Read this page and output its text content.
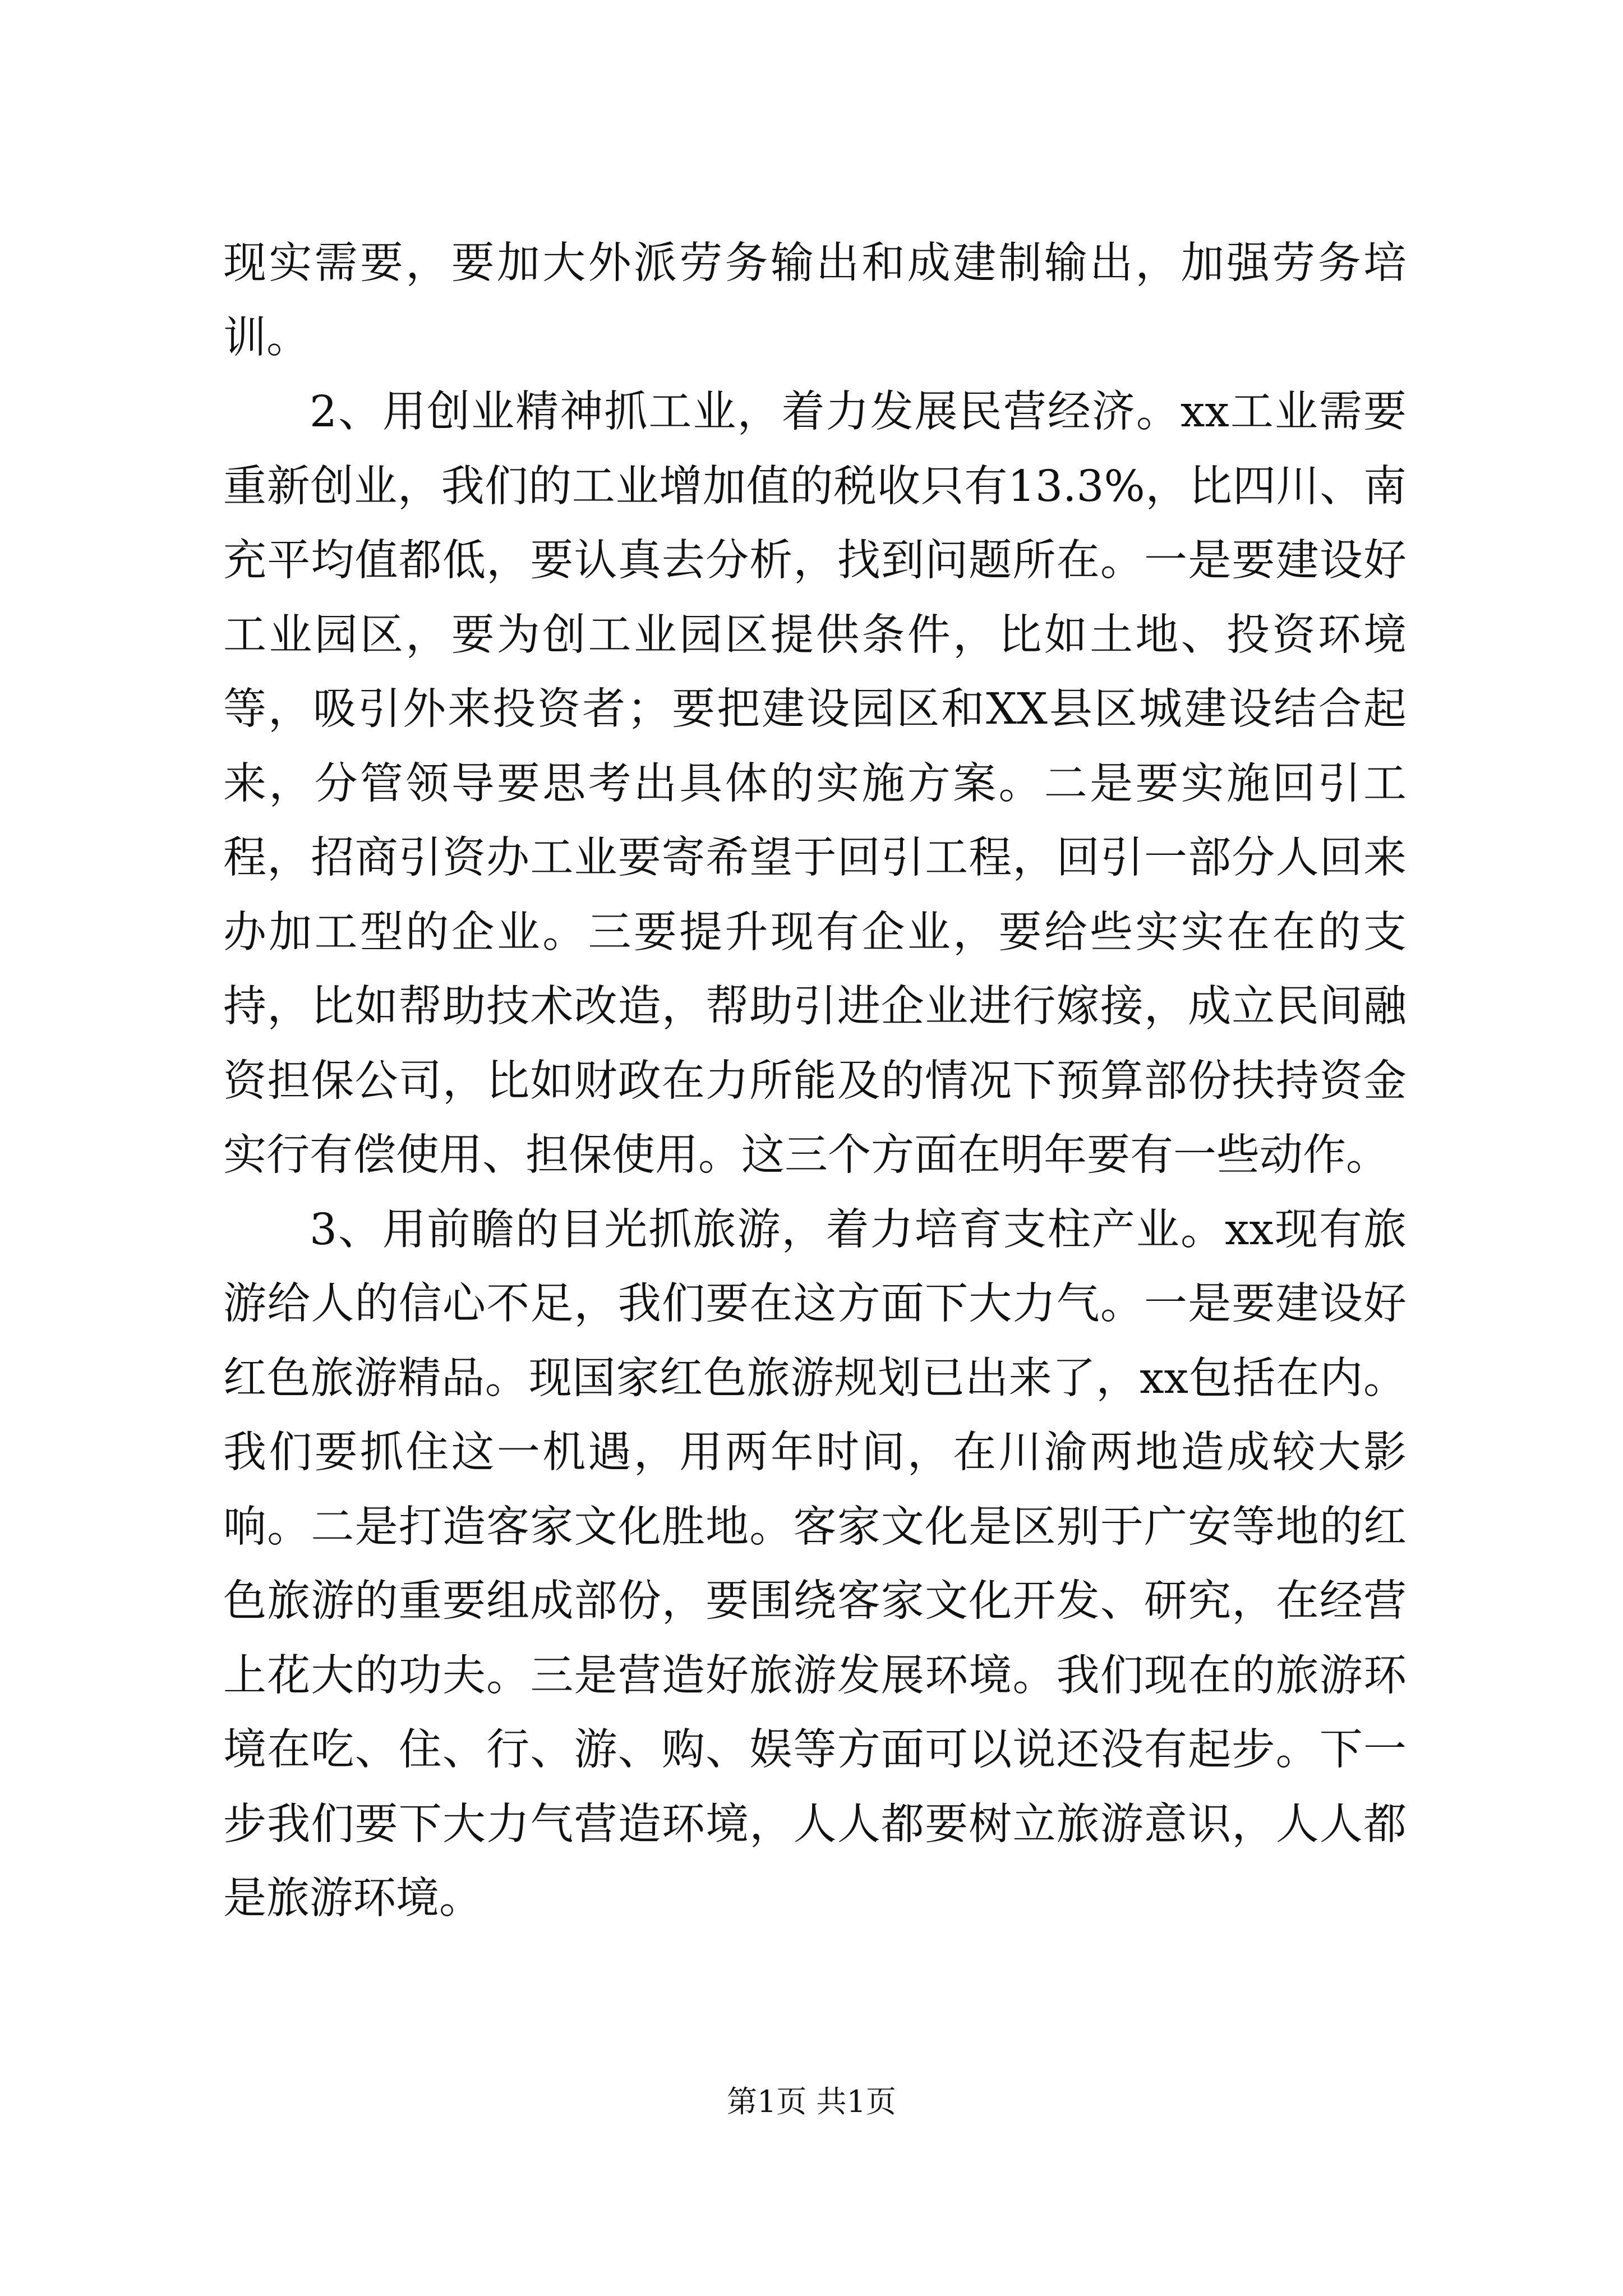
现实需要，要加大外派劳务输出和成建制输出，加强劳务培训。

2、用创业精神抓工业，着力发展民营经济。xx工业需要重新创业，我们的工业增加值的税收只有13.3%，比四川、南充平均值都低，要认真去分析，找到问题所在。一是要建设好工业园区，要为创工业园区提供条件，比如土地、投资环境等，吸引外来投资者；要把建设园区和XX县区城建设结合起来，分管领导要思考出具体的实施方案。二是要实施回引工程，招商引资办工业要寄希望于回引工程，回引一部分人回来办加工型的企业。三要提升现有企业，要给些实实在在的支持，比如帮助技术改造，帮助引进企业进行嫁接，成立民间融资担保公司，比如财政在力所能及的情况下预算部份扶持资金实行有偿使用、担保使用。这三个方面在明年要有一些动作。

3、用前瞻的目光抓旅游，着力培育支柱产业。xx现有旅游给人的信心不足，我们要在这方面下大力气。一是要建设好红色旅游精品。现国家红色旅游规划已出来了，xx包括在内。我们要抓住这一机遇，用两年时间，在川渝两地造成较大影响。二是打造客家文化胜地。客家文化是区别于广安等地的红色旅游的重要组成部份，要围绕客家文化开发、研究，在经营上花大的功夫。三是营造好旅游发展环境。我们现在的旅游环境在吃、住、行、游、购、娱等方面可以说还没有起步。下一步我们要下大力气营造环境，人人都要树立旅游意识，人人都是旅游环境。

第1页 共1页
